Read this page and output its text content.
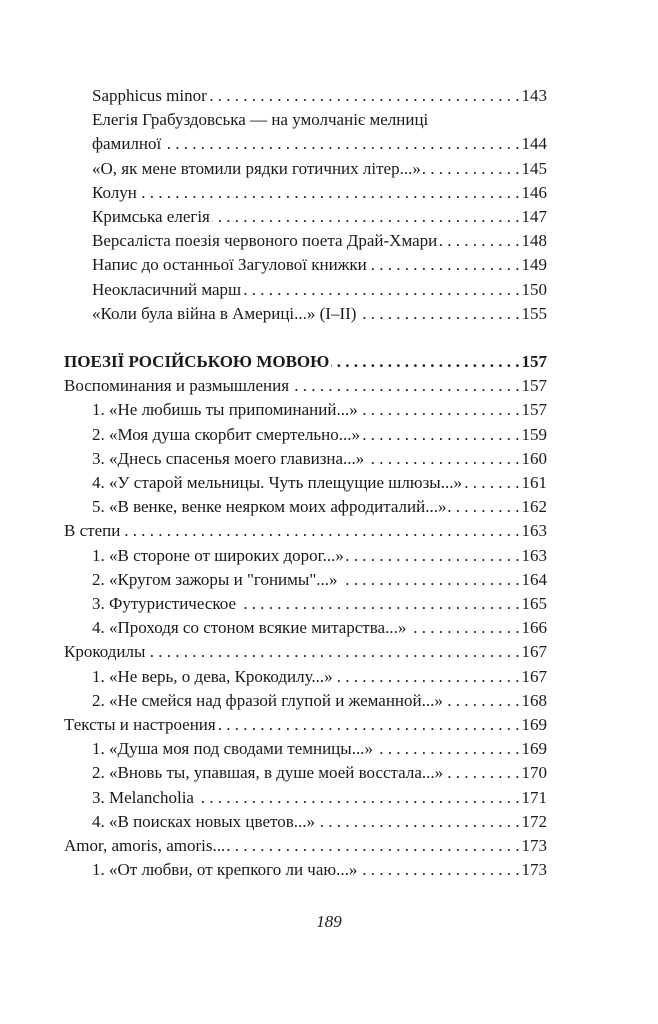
Sapphicus minor . . .	143
Елегія Грабуздовська — на умолчаніє мелниці
фамилної . . .	144
«О, як мене втомили рядки готичних літер...» . . .	145
Колун . . .	146
Кримська елегія . . .	147
Версаліста поезія червоного поета Драй-Хмари . . .	148
Напис до останньої Загулової книжки . . .	149
Неокласичний марш . . .	150
«Коли була війна в Америці...» (I–II) . . .	155
ПОЕЗІЇ РОСІЙСЬКОЮ МОВОЮ . . .	157
Воспоминания и размышления . . .	157
1. «Не любишь ты припоминаний...» . . .	157
2. «Моя душа скорбит смертельно...» . . .	159
3. «Днесь спасенья моего главизна...» . . .	160
4. «У старой мельницы. Чуть плещущие шлюзы...» . . .	161
5. «В венке, венке неярком моих афродиталий...» . . .	162
В степи . . .	163
1. «В стороне от широких дорог...» . . .	163
2. «Кругом зажоры и "гонимы"...» . . .	164
3. Футуристическое . . .	165
4. «Проходя со стоном всякие митарства...» . . .	166
Крокодилы . . .	167
1. «Не верь, о дева, Крокодилу...» . . .	167
2. «Не смейся над фразой глупой и жеманной...» . . .	168
Тексты и настроения . . .	169
1. «Душа моя под сводами темницы...» . . .	169
2. «Вновь ты, упавшая, в душе моей восстала...» . . .	170
3. Melancholia . . .	171
4. «В поисках новых цветов...» . . .	172
Amor, amoris, amoris... . . .	173
1. «От любви, от крепкого ли чаю...» . . .	173
189
